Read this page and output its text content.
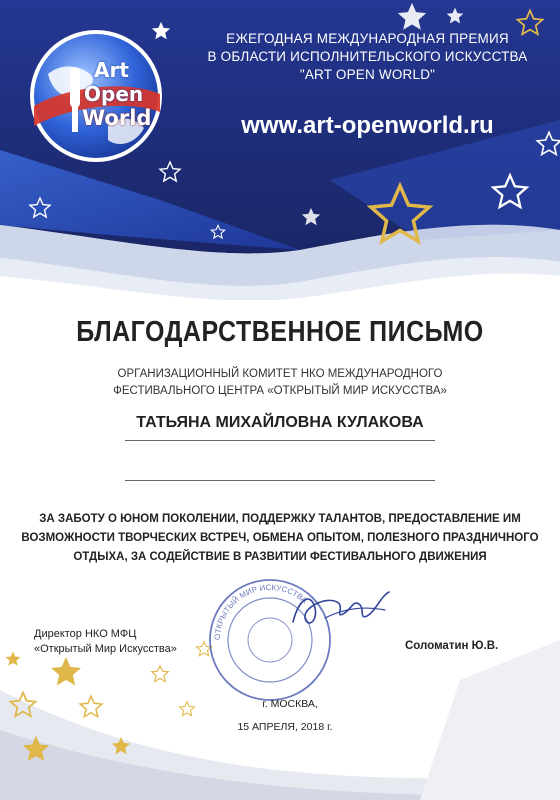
Art
Open
World
ЕЖЕГОДНАЯ МЕЖДУНАРОДНАЯ ПРЕМИЯ
В ОБЛАСТИ ИСПОЛНИТЕЛЬСКОГО ИСКУССТВА
"ART OPEN WORLD"
www.art-openworld.ru
БЛАГОДАРСТВЕННОЕ ПИСЬМО
ОРГАНИЗАЦИОННЫЙ КОМИТЕТ НКО МЕЖДУНАРОДНОГО
ФЕСТИВАЛЬНОГО ЦЕНТРА «ОТКРЫТЫЙ МИР ИСКУССТВА»
ТАТЬЯНА МИХАЙЛОВНА КУЛАКОВА
ЗА ЗАБОТУ О ЮНОМ ПОКОЛЕНИИ, ПОДДЕРЖКУ ТАЛАНТОВ, ПРЕДОСТАВЛЕНИЕ ИМ
ВОЗМОЖНОСТИ ТВОРЧЕСКИХ ВСТРЕЧ, ОБМЕНА ОПЫТОМ, ПОЛЕЗНОГО ПРАЗДНИЧНОГО
ОТДЫХА, ЗА СОДЕЙСТВИЕ В РАЗВИТИИ ФЕСТИВАЛЬНОГО ДВИЖЕНИЯ
ОТКРЫТЫЙ МИР ИСКУССТВА
Директор НКО МФЦ
«Открытый Мир Искусства»	Соломатин Ю.В.
г. МОСКВА,
15 АПРЕЛЯ, 2018 г.
